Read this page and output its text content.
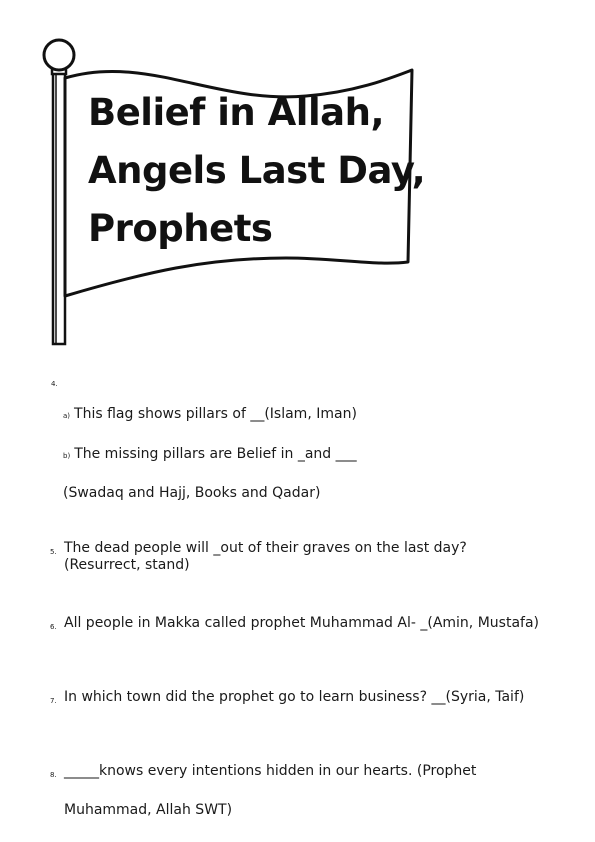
Belief in Allah,
Angels Last Day,
Prophets
4.
a) This flag shows pillars of __(Islam, Iman)
b) The missing pillars are Belief in _and ___
(Swadaq and Hajj, Books and Qadar)
5. The dead people will _out of their graves on the last day? (Resurrect, stand)
6. All people in Makka called prophet Muhammad Al- _(Amin, Mustafa)
7. In which town did the prophet go to learn business? __(Syria, Taif)
8. _____knows every intentions hidden in our hearts. (Prophet
Muhammad, Allah SWT)
